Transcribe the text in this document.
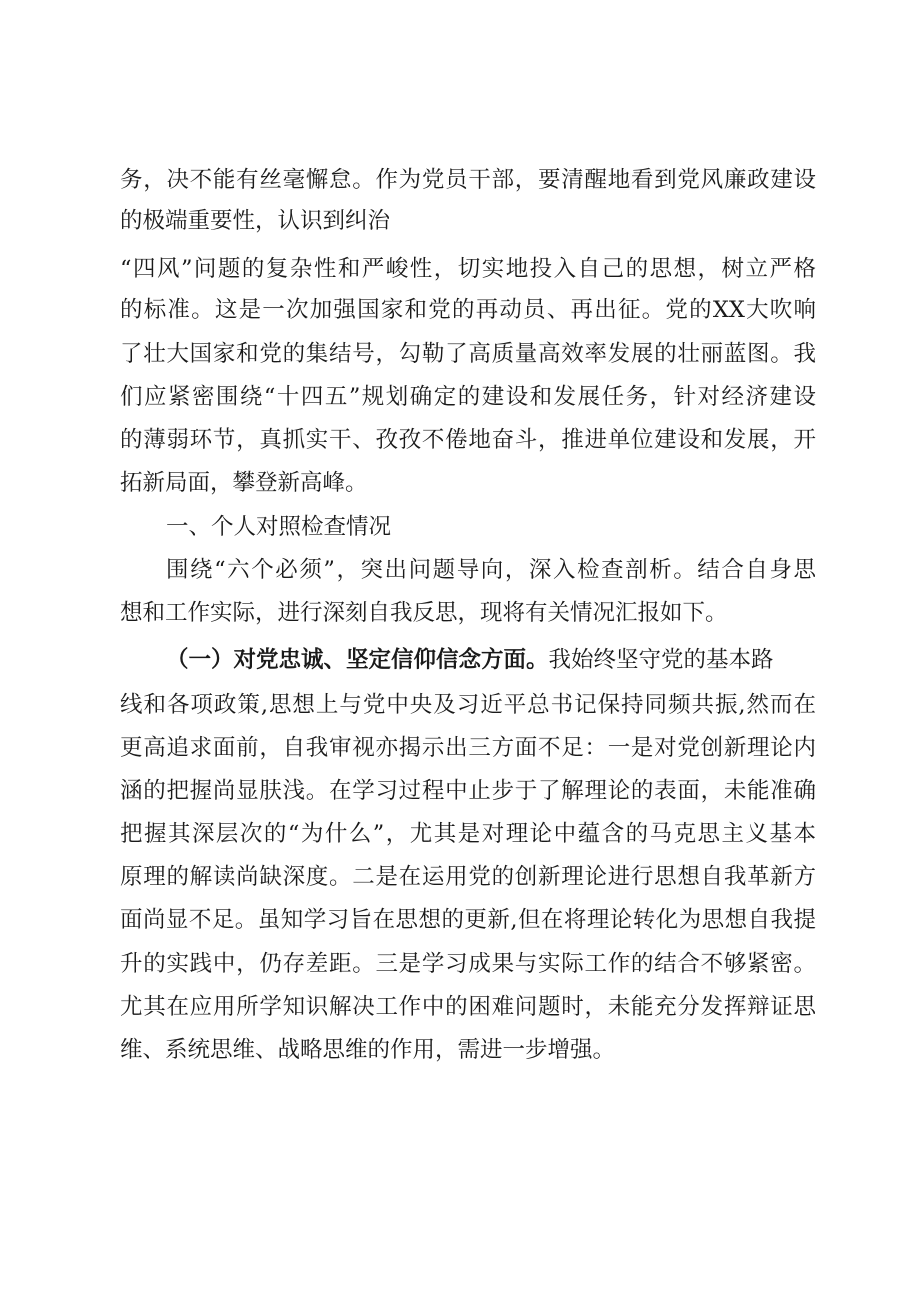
务，决不能有丝毫懈怠。作为党员干部，要清醒地看到党风廉政建设
的极端重要性，认识到纠治
“四风”问题的复杂性和严峻性，切实地投入自己的思想，树立严格
的标准。这是一次加强国家和党的再动员、再出征。党的XX大吹响
了壮大国家和党的集结号，勾勒了高质量高效率发展的壮丽蓝图。我
们应紧密围绕“十四五”规划确定的建设和发展任务，针对经济建设
的薄弱环节，真抓实干、孜孜不倦地奋斗，推进单位建设和发展，开
拓新局面，攀登新高峰。
一、个人对照检查情况
围绕“六个必须”，突出问题导向，深入检查剖析。结合自身思
想和工作实际，进行深刻自我反思，现将有关情况汇报如下。
（一）对党忠诚、坚定信仰信念方面。我始终坚守党的基本路
线和各项政策,思想上与党中央及习近平总书记保持同频共振,然而在
更高追求面前，自我审视亦揭示出三方面不足：一是对党创新理论内
涵的把握尚显肤浅。在学习过程中止步于了解理论的表面，未能准确
把握其深层次的“为什么”，尤其是对理论中蕴含的马克思主义基本
原理的解读尚缺深度。二是在运用党的创新理论进行思想自我革新方
面尚显不足。虽知学习旨在思想的更新,但在将理论转化为思想自我提
升的实践中，仍存差距。三是学习成果与实际工作的结合不够紧密。
尤其在应用所学知识解决工作中的困难问题时，未能充分发挥辩证思
维、系统思维、战略思维的作用，需进一步增强。
